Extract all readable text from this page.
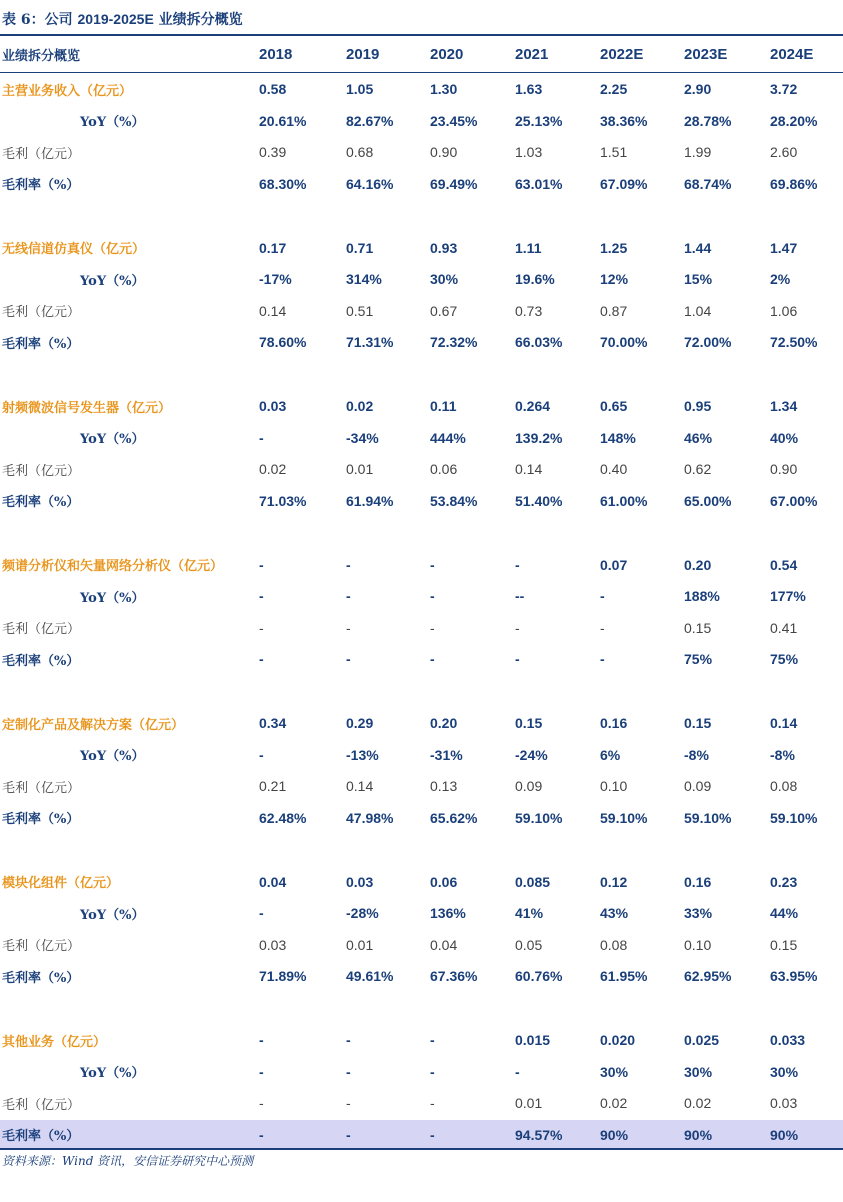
表 6：公司 2019-2025E 业绩拆分概览
业绩拆分概览	2018	2019	2020	2021	2022E	2023E	2024E
主营业务收入（亿元）	0.58	1.05	1.30	1.63	2.25	2.90	3.72
YoY（%）	20.61%	82.67%	23.45%	25.13%	38.36%	28.78%	28.20%
毛利（亿元）	0.39	0.68	0.90	1.03	1.51	1.99	2.60
毛利率（%）	68.30%	64.16%	69.49%	63.01%	67.09%	68.74%	69.86%
无线信道仿真仪（亿元）	0.17	0.71	0.93	1.11	1.25	1.44	1.47
YoY（%）	-17%	314%	30%	19.6%	12%	15%	2%
毛利（亿元）	0.14	0.51	0.67	0.73	0.87	1.04	1.06
毛利率（%）	78.60%	71.31%	72.32%	66.03%	70.00%	72.00%	72.50%
射频微波信号发生器（亿元）	0.03	0.02	0.11	0.264	0.65	0.95	1.34
YoY（%）	-	-34%	444%	139.2%	148%	46%	40%
毛利（亿元）	0.02	0.01	0.06	0.14	0.40	0.62	0.90
毛利率（%）	71.03%	61.94%	53.84%	51.40%	61.00%	65.00%	67.00%
频谱分析仪和矢量网络分析仪（亿元）	-	-	-	-	0.07	0.20	0.54
YoY（%）	-	-	-	--	-	188%	177%
毛利（亿元）	-	-	-	-	-	0.15	0.41
毛利率（%）	-	-	-	-	-	75%	75%
定制化产品及解决方案（亿元）	0.34	0.29	0.20	0.15	0.16	0.15	0.14
YoY（%）	-	-13%	-31%	-24%	6%	-8%	-8%
毛利（亿元）	0.21	0.14	0.13	0.09	0.10	0.09	0.08
毛利率（%）	62.48%	47.98%	65.62%	59.10%	59.10%	59.10%	59.10%
模块化组件（亿元）	0.04	0.03	0.06	0.085	0.12	0.16	0.23
YoY（%）	-	-28%	136%	41%	43%	33%	44%
毛利（亿元）	0.03	0.01	0.04	0.05	0.08	0.10	0.15
毛利率（%）	71.89%	49.61%	67.36%	60.76%	61.95%	62.95%	63.95%
其他业务（亿元）	-	-	-	0.015	0.020	0.025	0.033
YoY（%）	-	-	-	-	30%	30%	30%
毛利（亿元）	-	-	-	0.01	0.02	0.02	0.03
毛利率（%）	-	-	-	94.57%	90%	90%	90%
资料来源：Wind 资讯，安信证券研究中心预测
